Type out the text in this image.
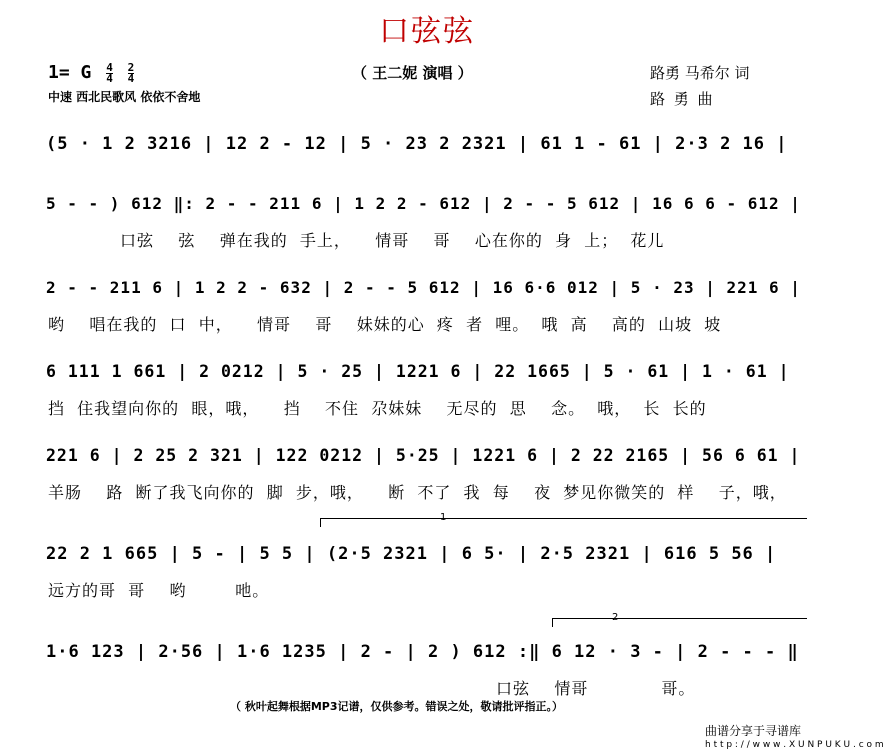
口弦弦
1= G $\frac{4}{4}$
$\frac{2}{4}$
中速 西北民歌风 依依不舍地
（ 王二妮 演唱 ）	路勇 马希尔 词
路 勇 曲
(5 · 1 2 3216 | 12 2 - 12 | 5 · 23 2 2321 | 61 1 - 61 | 2·3 2 16 |
5 - - ) 612 ‖: 2 - - 211 6 | 1 2 2 - 612 | 2 - - 5 612 | 16 6 6 - 612 |
口弦    弦    弹在我的  手上，    情哥    哥    心在你的  身  上；  花儿
2 - - 211 6 | 1 2 2 - 632 | 2 - - 5 612 | 16 6·6 012 | 5 · 23 | 221 6 |
哟    唱在我的  口  中，    情哥    哥    妹妹的心  疼  者  哩。  哦  高    高的  山坡  坡
6 111 1 661 | 2 0212 | 5 · 25 | 1221 6 | 22 1665 | 5 · 61 | 1 · 61 |
挡  住我望向你的  眼，哦，    挡    不住  尕妹妹    无尽的  思    念。  哦，  长  长的
221 6 | 2 25 2 321 | 122 0212 | 5·25 | 1221 6 | 2 22 2165 | 56 6 61 |
羊肠    路  断了我飞向你的  脚  步，哦，    断  不了  我  每    夜  梦见你微笑的  样    子，哦，
1
22 2 1 665 | 5 - | 5 5 | (2·5 2321 | 6 5· | 2·5 2321 | 616 5 56 |
远方的哥  哥    哟        吔。
2
1·6 123 | 2·56 | 1·6 1235 | 2 - | 2 ) 612 :‖ 6 12 · 3 - | 2 - - - ‖
口弦    情哥            哥。
（ 秋叶起舞根据MP3记谱，仅供参考。错误之处，敬请批评指正。）
曲谱分享于寻谱库
h t t p : / / w w w . X U N P U K U . c o m
